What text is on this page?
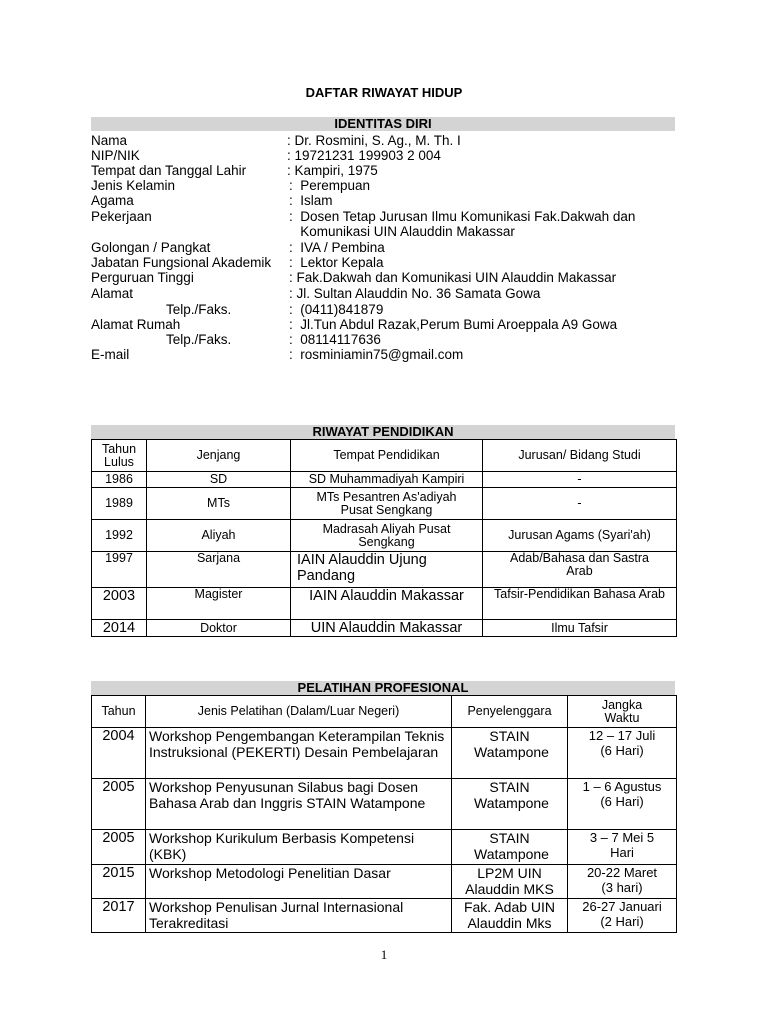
DAFTAR RIWAYAT HIDUP
IDENTITAS DIRI
Nama	: Dr. Rosmini, S. Ag., M. Th. I
NIP/NIK	: 19721231 199903 2 004
Tempat dan Tanggal Lahir	: Kampiri, 1975
Jenis Kelamin	:  Perempuan
Agama	:  Islam
Pekerjaan	:  Dosen Tetap Jurusan Ilmu Komunikasi Fak.Dakwah dan
Komunikasi UIN Alauddin Makassar
Golongan / Pangkat	:  IVA / Pembina
Jabatan Fungsional Akademik :  Lektor Kepala
Perguruan Tinggi	: Fak.Dakwah dan Komunikasi UIN Alauddin Makassar
Alamat	: Jl. Sultan Alauddin No. 36 Samata Gowa
Telp./Faks.	:  (0411)841879
Alamat Rumah	:  Jl.Tun Abdul Razak,Perum Bumi Aroeppala A9 Gowa
Telp./Faks.	:  08114117636
E-mail	:  rosminiamin75@gmail.com
RIWAYAT PENDIDIKAN
Tahun Lulus	Jenjang	Tempat Pendidikan	Jurusan/ Bidang Studi
1986	SD	SD Muhammadiyah Kampiri	-
1989	MTs	MTs Pesantren As'adiyah Pusat Sengkang	-
1992	Aliyah	Madrasah Aliyah Pusat Sengkang	Jurusan Agams (Syari'ah)
1997	Sarjana	IAIN Alauddin Ujung Pandang	Adab/Bahasa dan Sastra Arab
2003	Magister	IAIN Alauddin Makassar	Tafsir-Pendidikan Bahasa Arab
2014	Doktor	UIN Alauddin Makassar	Ilmu Tafsir
PELATIHAN PROFESIONAL
Tahun	Jenis Pelatihan (Dalam/Luar Negeri)	Penyelenggara	Jangka Waktu
2004	Workshop Pengembangan Keterampilan Teknis Instruksional (PEKERTI) Desain Pembelajaran	STAIN Watampone	12 – 17 Juli (6 Hari)
2005	Workshop Penyusunan Silabus bagi Dosen Bahasa Arab dan Inggris STAIN Watampone	STAIN Watampone	1 – 6 Agustus (6 Hari)
2005	Workshop Kurikulum Berbasis Kompetensi (KBK)	STAIN Watampone	3 – 7 Mei 5 Hari
2015	Workshop Metodologi Penelitian Dasar	LP2M UIN Alauddin MKS	20-22 Maret (3 hari)
2017	Workshop Penulisan Jurnal Internasional Terakreditasi	Fak. Adab UIN Alauddin Mks	26-27 Januari (2 Hari)
1
